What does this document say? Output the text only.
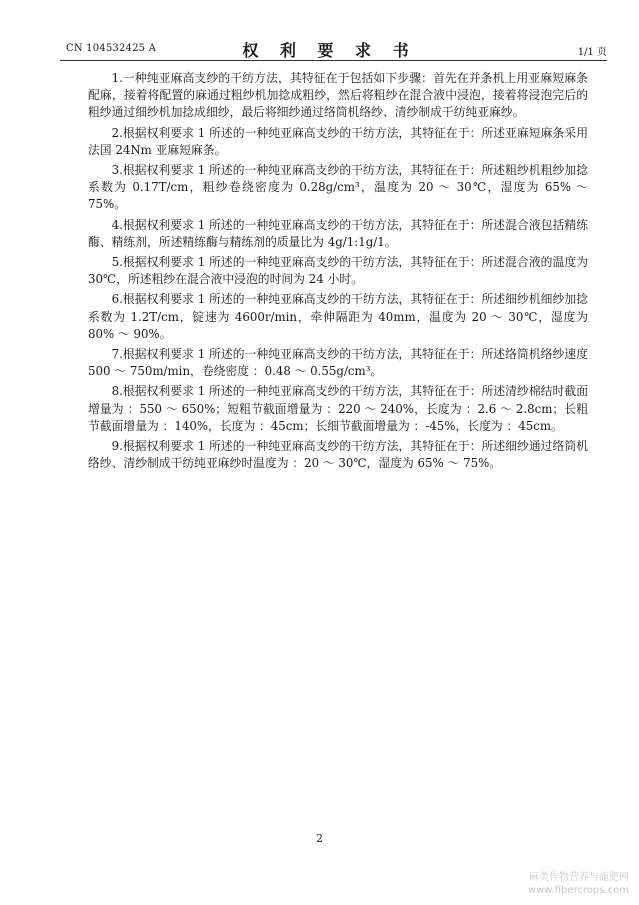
CN 104532425 A	权 利 要 求 书	1/1 页

1.一种纯亚麻高支纱的干纺方法，其特征在于包括如下步骤：首先在并条机上用亚麻短麻条配麻，接着将配置的麻通过粗纱机加捻成粗纱，然后将粗纱在混合液中浸泡，接着将浸泡完后的粗纱通过细纱机加捻成细纱，最后将细纱通过络筒机络纱、清纱制成干纺纯亚麻纱。

2.根据权利要求 1 所述的一种纯亚麻高支纱的干纺方法，其特征在于：所述亚麻短麻条采用法国 24Nm 亚麻短麻条。

3.根据权利要求 1 所述的一种纯亚麻高支纱的干纺方法，其特征在于：所述粗纱机粗纱加捻系数为 0.17T/cm，粗纱卷绕密度为 0.28g/cm³，温度为 20 ～ 30℃，湿度为 65% ～ 75%。

4.根据权利要求 1 所述的一种纯亚麻高支纱的干纺方法，其特征在于：所述混合液包括精练酶、精练剂，所述精练酶与精练剂的质量比为 4g/1:1g/1。

5.根据权利要求 1 所述的一种纯亚麻高支纱的干纺方法，其特征在于：所述混合液的温度为 30℃，所述粗纱在混合液中浸泡的时间为 24 小时。

6.根据权利要求 1 所述的一种纯亚麻高支纱的干纺方法，其特征在于：所述细纱机细纱加捻系数为 1.2T/cm，锭速为 4600r/min，牵伸隔距为 40mm，温度为 20 ～ 30℃，湿度为 80% ～ 90%。

7.根据权利要求 1 所述的一种纯亚麻高支纱的干纺方法，其特征在于：所述络筒机络纱速度 500 ～ 750m/min，卷绕密度 ：0.48 ～ 0.55g/cm³。

8.根据权利要求 1 所述的一种纯亚麻高支纱的干纺方法，其特征在于：所述清纱棉结时截面增量为 ：550 ～ 650%；短粗节截面增量为 ：220 ～ 240%，长度为 ：2.6 ～ 2.8cm；长粗节截面增量为 ：140%，长度为 ：45cm；长细节截面增量为 ：-45%，长度为 ：45cm。

9.根据权利要求 1 所述的一种纯亚麻高支纱的干纺方法，其特征在于：所述细纱通过络筒机络纱、清纱制成干纺纯亚麻纱时温度为 ：20 ～ 30℃，湿度为 65% ～ 75%。

2
麻类作物营养与施肥网
www.fibercrops.com
